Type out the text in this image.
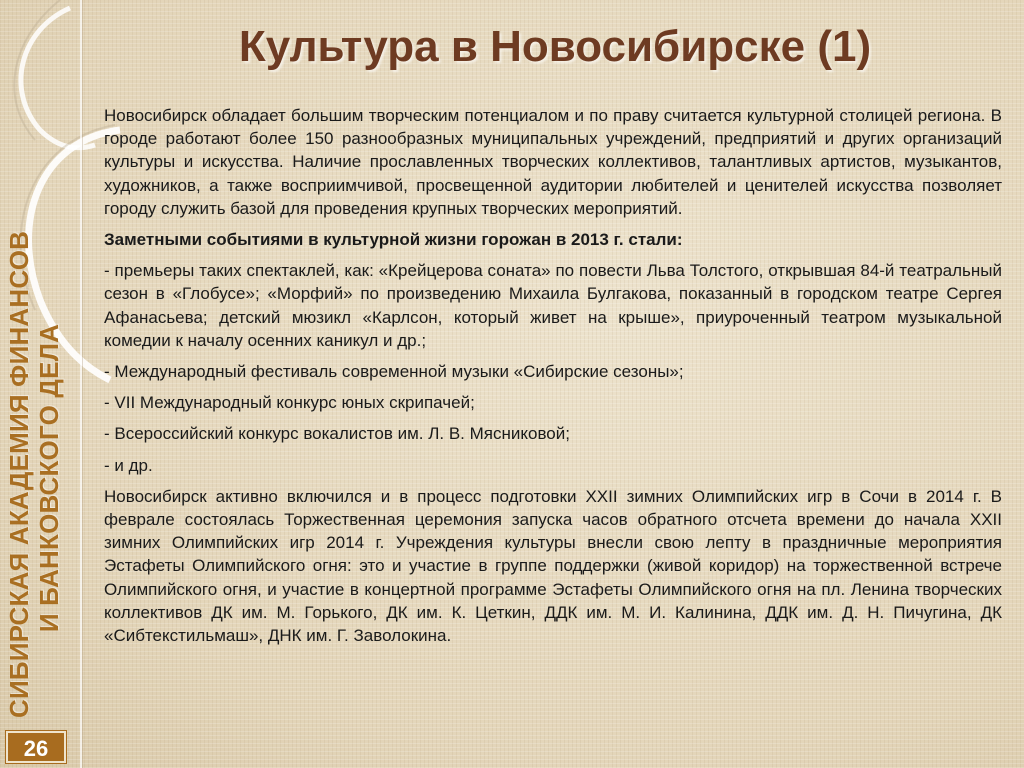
СИБИРСКАЯ АКАДЕМИЯ ФИНАНСОВ И БАНКОВСКОГО ДЕЛА
26
Культура в Новосибирске (1)

Новосибирск обладает большим творческим потенциалом и по праву считается культурной столицей региона. В городе работают более 150 разнообразных муниципальных учреждений, предприятий и других организаций культуры и искусства. Наличие прославленных творческих коллективов, талантливых артистов, музыкантов, художников, а также восприимчивой, просвещенной аудитории любителей и ценителей искусства позволяет городу служить базой для проведения крупных творческих мероприятий.

Заметными событиями в культурной жизни горожан в 2013 г. стали:

- премьеры таких спектаклей, как: «Крейцерова соната» по повести Льва Толстого, открывшая 84-й театральный сезон в «Глобусе»; «Морфий» по произведению Михаила Булгакова, показанный в городском театре Сергея Афанасьева; детский мюзикл «Карлсон, который живет на крыше», приуроченный театром музыкальной комедии к началу осенних каникул и др.;

- Международный фестиваль современной музыки «Сибирские сезоны»;

- VII Международный конкурс юных скрипачей;

- Всероссийский конкурс вокалистов им. Л. В. Мясниковой;

- и др.

Новосибирск активно включился и в процесс подготовки XXII зимних Олимпийских игр в Сочи в 2014 г. В феврале состоялась Торжественная церемония запуска часов обратного отсчета времени до начала XXII зимних Олимпийских игр 2014 г. Учреждения культуры внесли свою лепту в праздничные мероприятия Эстафеты Олимпийского огня: это и участие в группе поддержки (живой коридор) на торжественной встрече Олимпийского огня, и участие в концертной программе Эстафеты Олимпийского огня на пл. Ленина творческих коллективов ДК им. М. Горького, ДК им. К. Цеткин, ДДК им. М. И. Калинина, ДДК им. Д. Н. Пичугина, ДК «Сибтекстильмаш», ДНК им. Г. Заволокина.
